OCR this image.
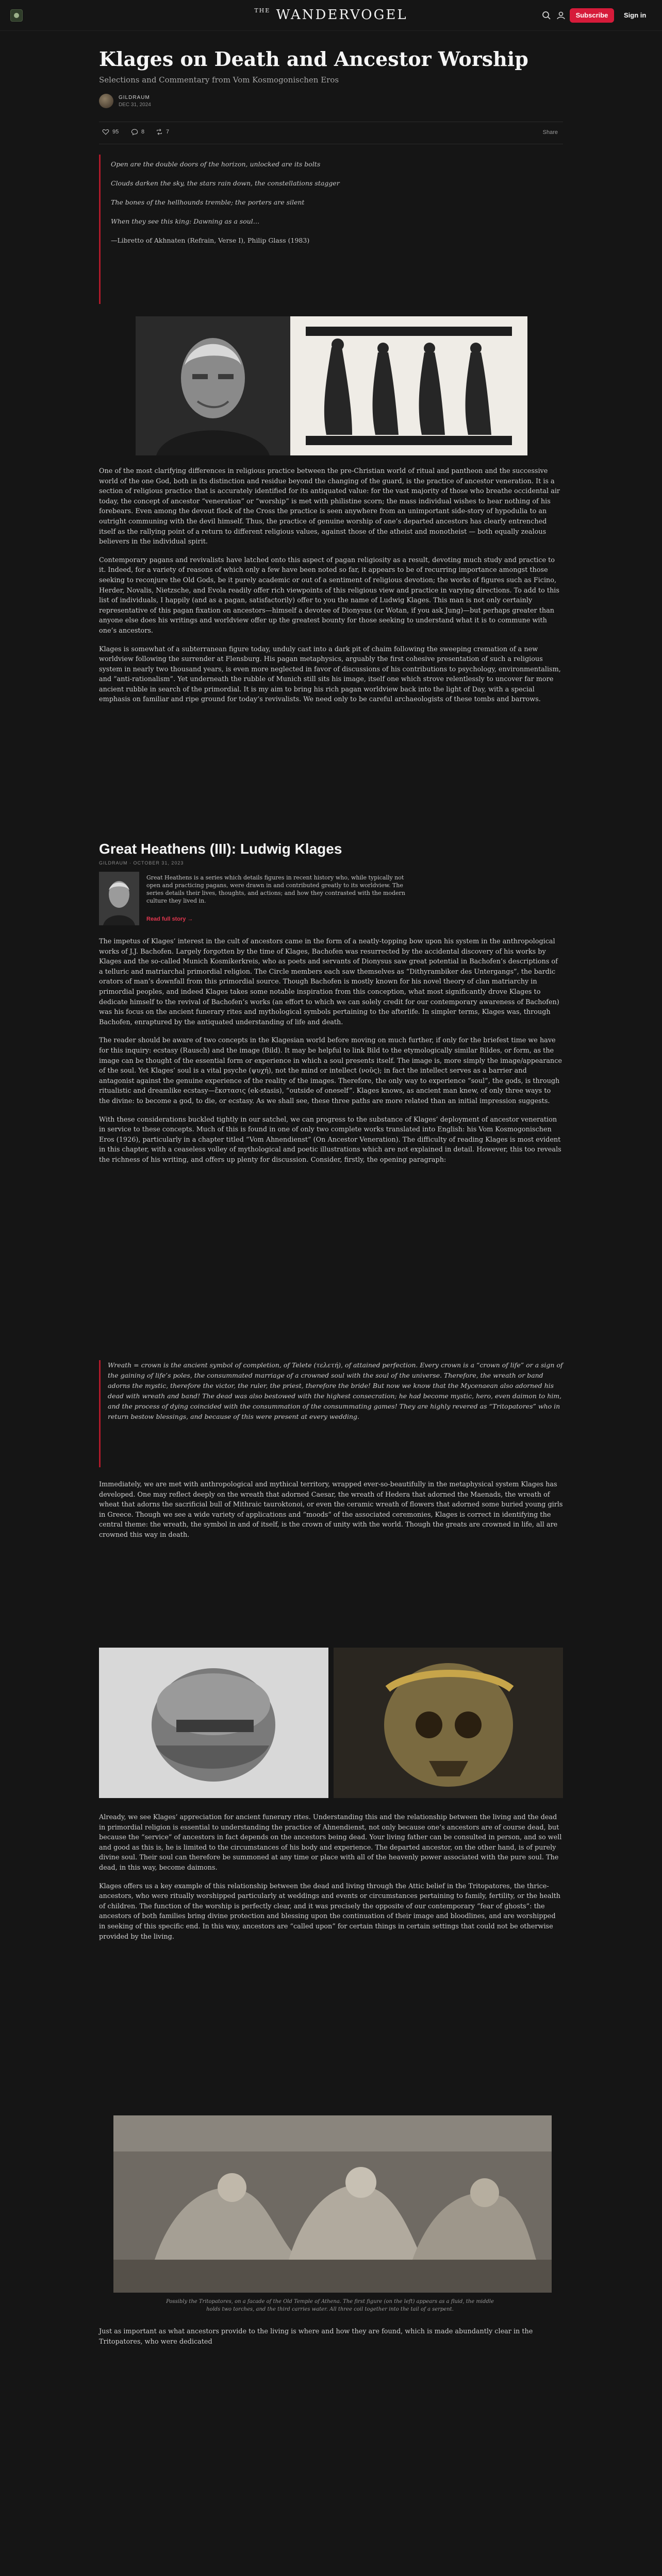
$^{THE}$ WANDERVOGEL	Subscribe	Sign in
Klages on Death and Ancestor Worship
Selections and Commentary from Vom Kosmogonischen Eros
GILDRAUM
DEC 31, 2024
95	8	7	Share

Open are the double doors of the horizon, unlocked are its bolts

Clouds darken the sky, the stars rain down, the constellations stagger

The bones of the hellhounds tremble; the porters are silent

When they see this king: Dawning as a soul…

—Libretto of Akhnaten (Refrain, Verse I), Philip Glass (1983)

One of the most clarifying differences in religious practice between the pre-Christian world of ritual and pantheon and the successive world of the one God, both in its distinction and residue beyond the changing of the guard, is the practice of ancestor veneration. It is a section of religious practice that is accurately identified for its antiquated value: for the vast majority of those who breathe occidental air today, the concept of ancestor “veneration” or “worship” is met with philistine scorn; the mass individual wishes to hear nothing of his forebears. Even among the devout flock of the Cross the practice is seen anywhere from an unimportant side-story of hypodulia to an outright communing with the devil himself. Thus, the practice of genuine worship of one’s departed ancestors has clearly entrenched itself as the rallying point of a return to different religious values, against those of the atheist and monotheist — both equally zealous believers in the individual spirit.

Contemporary pagans and revivalists have latched onto this aspect of pagan religiosity as a result, devoting much study and practice to it. Indeed, for a variety of reasons of which only a few have been noted so far, it appears to be of recurring importance amongst those seeking to reconjure the Old Gods, be it purely academic or out of a sentiment of religious devotion; the works of figures such as Ficino, Herder, Novalis, Nietzsche, and Evola readily offer rich viewpoints of this religious view and practice in varying directions. To add to this list of individuals, I happily (and as a pagan, satisfactorily) offer to you the name of Ludwig Klages. This man is not only certainly representative of this pagan fixation on ancestors—himself a devotee of Dionysus (or Wotan, if you ask Jung)—but perhaps greater than anyone else does his writings and worldview offer up the greatest bounty for those seeking to understand what it is to commune with one’s ancestors.

Klages is somewhat of a subterranean figure today, unduly cast into a dark pit of chaim following the sweeping cremation of a new worldview following the surrender at Flensburg. His pagan metaphysics, arguably the first cohesive presentation of such a religious system in nearly two thousand years, is even more neglected in favor of discussions of his contributions to psychology, environmentalism, and “anti-rationalism”. Yet underneath the rubble of Munich still sits his image, itself one which strove relentlessly to uncover far more ancient rubble in search of the primordial. It is my aim to bring his rich pagan worldview back into the light of Day, with a special emphasis on familiar and ripe ground for today’s revivalists. We need only to be careful archaeologists of these tombs and barrows.

Great Heathens (III): Ludwig Klages
GILDRAUM · OCTOBER 31, 2023
Great Heathens is a series which details figures in recent history who, while typically not open and practicing pagans, were drawn in and contributed greatly to its worldview. The series details their lives, thoughts, and actions; and how they contrasted with the modern culture they lived in.
Read full story →

The impetus of Klages’ interest in the cult of ancestors came in the form of a neatly-topping bow upon his system in the anthropological works of J.J. Bachofen. Largely forgotten by the time of Klages, Bachofen was resurrected by the accidental discovery of his works by Klages and the so-called Munich Kosmikerkreis, who as poets and servants of Dionysus saw great potential in Bachofen’s descriptions of a telluric and matriarchal primordial religion. The Circle members each saw themselves as “Dithyrambiker des Untergangs”, the bardic orators of man’s downfall from this primordial source. Though Bachofen is mostly known for his novel theory of clan matriarchy in primordial peoples, and indeed Klages takes some notable inspiration from this conception, what most significantly drove Klages to dedicate himself to the revival of Bachofen’s works (an effort to which we can solely credit for our contemporary awareness of Bachofen) was his focus on the ancient funerary rites and mythological symbols pertaining to the afterlife. In simpler terms, Klages was, through Bachofen, enraptured by the antiquated understanding of life and death.

The reader should be aware of two concepts in the Klagesian world before moving on much further, if only for the briefest time we have for this inquiry: ecstasy (Rausch) and the image (Bild). It may be helpful to link Bild to the etymologically similar Bildes, or form, as the image can be thought of the essential form or experience in which a soul presents itself. The image is, more simply the image/appearance of the soul. Yet Klages’ soul is a vital psyche (ψυχή), not the mind or intellect (νοῦς); in fact the intellect serves as a barrier and antagonist against the genuine experience of the reality of the images. Therefore, the only way to experience “soul”, the gods, is through ritualistic and dreamlike ecstasy—ἔκστασις (ek-stasis), “outside of oneself”. Klages knows, as ancient man knew, of only three ways to the divine: to become a god, to die, or ecstasy. As we shall see, these three paths are more related than an initial impression suggests.

With these considerations buckled tightly in our satchel, we can progress to the substance of Klages’ deployment of ancestor veneration in service to these concepts. Much of this is found in one of only two complete works translated into English: his Vom Kosmogonischen Eros (1926), particularly in a chapter titled “Vom Ahnendienst” (On Ancestor Veneration). The difficulty of reading Klages is most evident in this chapter, with a ceaseless volley of mythological and poetic illustrations which are not explained in detail. However, this too reveals the richness of his writing, and offers up plenty for discussion. Consider, firstly, the opening paragraph:

Wreath = crown is the ancient symbol of completion, of Telete (τελετή), of attained perfection. Every crown is a “crown of life” or a sign of the gaining of life’s poles, the consummated marriage of a crowned soul with the soul of the universe. Therefore, the wreath or band adorns the mystic, therefore the victor, the ruler, the priest, therefore the bride! But now we know that the Mycenaean also adorned his dead with wreath and band! The dead was also bestowed with the highest consecration; he had become mystic, hero, even daimon to him, and the process of dying coincided with the consummation of the consummating games! They are highly revered as “Tritopatores” who in return bestow blessings, and because of this were present at every wedding.

Immediately, we are met with anthropological and mythical territory, wrapped ever-so-beautifully in the metaphysical system Klages has developed. One may reflect deeply on the wreath that adorned Caesar, the wreath of Hedera that adorned the Maenads, the wreath of wheat that adorns the sacrificial bull of Mithraic tauroktonoi, or even the ceramic wreath of flowers that adorned some buried young girls in Greece. Though we see a wide variety of applications and “moods” of the associated ceremonies, Klages is correct in identifying the central theme: the wreath, the symbol in and of itself, is the crown of unity with the world. Though the greats are crowned in life, all are crowned this way in death.

Already, we see Klages’ appreciation for ancient funerary rites. Understanding this and the relationship between the living and the dead in primordial religion is essential to understanding the practice of Ahnendienst, not only because one’s ancestors are of course dead, but because the “service” of ancestors in fact depends on the ancestors being dead. Your living father can be consulted in person, and so well and good as this is, he is limited to the circumstances of his body and experience. The departed ancestor, on the other hand, is of purely divine soul. Their soul can therefore be summoned at any time or place with all of the heavenly power associated with the pure soul. The dead, in this way, become daimons.

Klages offers us a key example of this relationship between the dead and living through the Attic belief in the Tritopatores, the thrice-ancestors, who were ritually worshipped particularly at weddings and events or circumstances pertaining to family, fertility, or the health of children. The function of the worship is perfectly clear, and it was precisely the opposite of our contemporary “fear of ghosts”: the ancestors of both families bring divine protection and blessing upon the continuation of their image and bloodlines, and are worshipped in seeking of this specific end. In this way, ancestors are “called upon” for certain things in certain settings that could not be otherwise provided by the living.

Possibly the Tritopatores, on a facade of the Old Temple of Athena. The first figure (on the left) appears as a fluid, the middle holds two torches, and the third carries water. All three coil together into the tail of a serpent.

Just as important as what ancestors provide to the living is where and how they are found, which is made abundantly clear in the Tritopatores, who were dedicated
